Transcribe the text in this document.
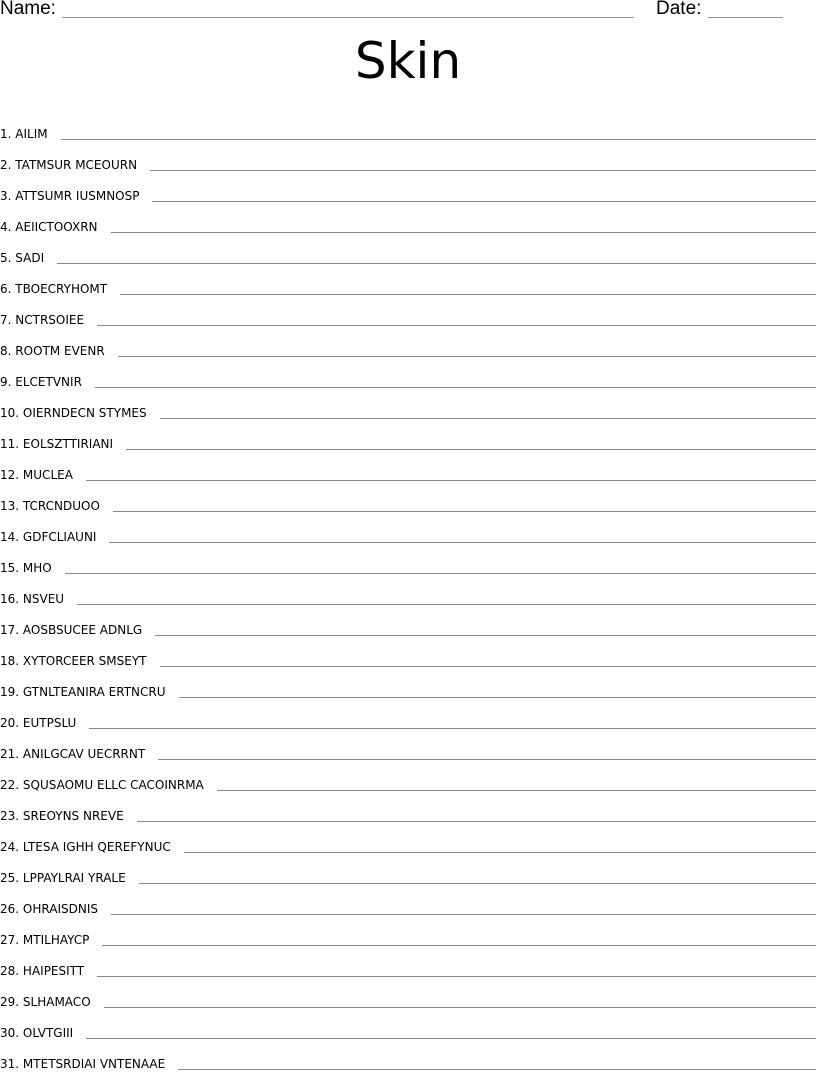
Name:	Date:
Skin
1. AILIM
2. TATMSUR MCEOURN
3. ATTSUMR IUSMNOSP
4. AEIICTOOXRN
5. SADI
6. TBOECRYHOMT
7. NCTRSOIEE
8. ROOTM EVENR
9. ELCETVNIR
10. OIERNDECN STYMES
11. EOLSZTTIRIANI
12. MUCLEA
13. TCRCNDUOO
14. GDFCLIAUNI
15. MHO
16. NSVEU
17. AOSBSUCEE ADNLG
18. XYTORCEER SMSEYT
19. GTNLTEANIRA ERTNCRU
20. EUTPSLU
21. ANILGCAV UECRRNT
22. SQUSAOMU ELLC CACOINRMA
23. SREOYNS NREVE
24. LTESA IGHH QEREFYNUC
25. LPPAYLRAI YRALE
26. OHRAISDNIS
27. MTILHAYCP
28. HAIPESITT
29. SLHAMACO
30. OLVTGIII
31. MTETSRDIAI VNTENAAE
